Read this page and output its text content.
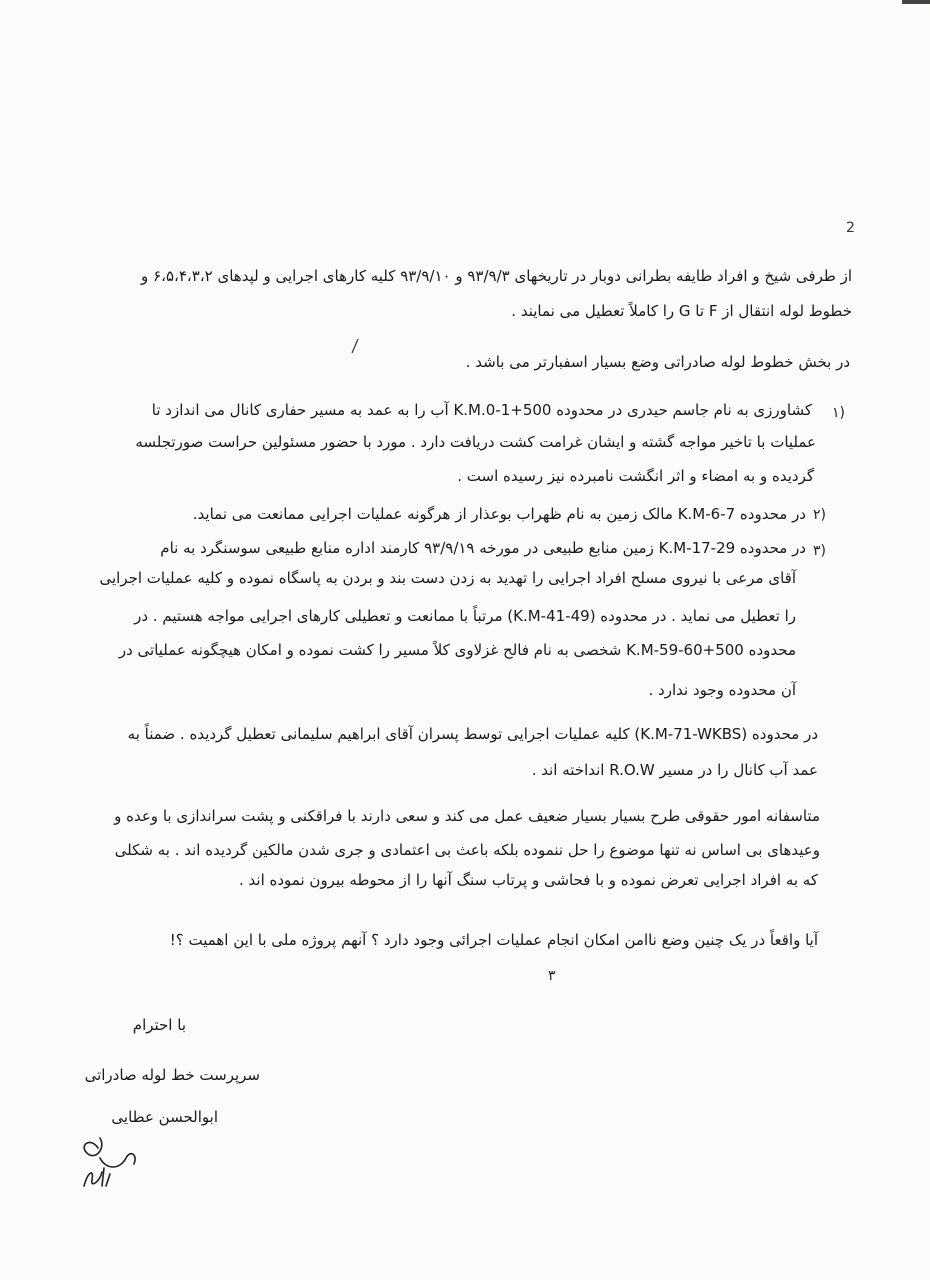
2
از طرفی شیخ و افراد طایفه بطرانی دوبار در تاریخهای ۹۳/۹/۳ و ۹۳/۹/۱۰ کلیه کارهای اجرایی و لپدهای ۶،۵،۴،۳،۲ و
خطوط لوله انتقال از F تا G را کاملاً تعطیل می نمایند .
در بخش خطوط لوله صادراتی وضع بسیار اسفبارتر می باشد .
۱)
کشاورزی به نام جاسم حیدری در محدوده K.M.0-1+500 آب را به عمد به مسیر حفاری کانال می اندازد تا
عملیات با تاخیر مواجه گشته و ایشان غرامت کشت دریافت دارد . مورد با حضور مسئولین حراست صورتجلسه
گردیده و به امضاء و اثر انگشت نامبرده نیز رسیده است .
۲)
در محدوده K.M-6-7 مالک زمین به نام ظهراب بوعذار از هرگونه عملیات اجرایی ممانعت می نماید.
۳)
در محدوده K.M-17-29 زمین منابع طبیعی در مورخه ۹۳/۹/۱۹ کارمند اداره منابع طبیعی سوسنگرد به نام
آقای مرعی با نیروی مسلح افراد اجرایی را تهدید به زدن دست بند و بردن به پاسگاه نموده و کلیه عملیات اجرایی
را تعطیل می نماید . در محدوده (K.M-41-49) مرتباً با ممانعت و تعطیلی کارهای اجرایی مواجه هستیم . در
محدوده K.M-59-60+500 شخصی به نام فالح غزلاوی کلاً مسیر را کشت نموده و امکان هیچگونه عملیاتی در
آن محدوده وجود ندارد .
در محدوده (K.M-71-WKBS) کلیه عملیات اجرایی توسط پسران آقای ابراهیم سلیمانی تعطیل گردیده . ضمناً به
عمد آب کانال را در مسیر R.O.W انداخته اند .
متاسفانه امور حقوقی طرح بسیار بسیار ضعیف عمل می کند و سعی دارند با فراقکنی و پشت سراندازی با وعده و
وعیدهای بی اساس نه تنها موضوع را حل ننموده بلکه باعث بی اعتمادی و جری شدن مالکین گردیده اند . به شکلی
که به افراد اجرایی تعرض نموده و با فحاشی و پرتاب سنگ آنها را از محوطه بیرون نموده اند .
آیا واقعاً در یک چنین وضع ناامن امکان انجام عملیات اجرائی وجود دارد ؟ آنهم پروژه ملی با این اهمیت ؟!
۳
با احترام
سرپرست خط لوله صادراتی
ابوالحسن عطایی
